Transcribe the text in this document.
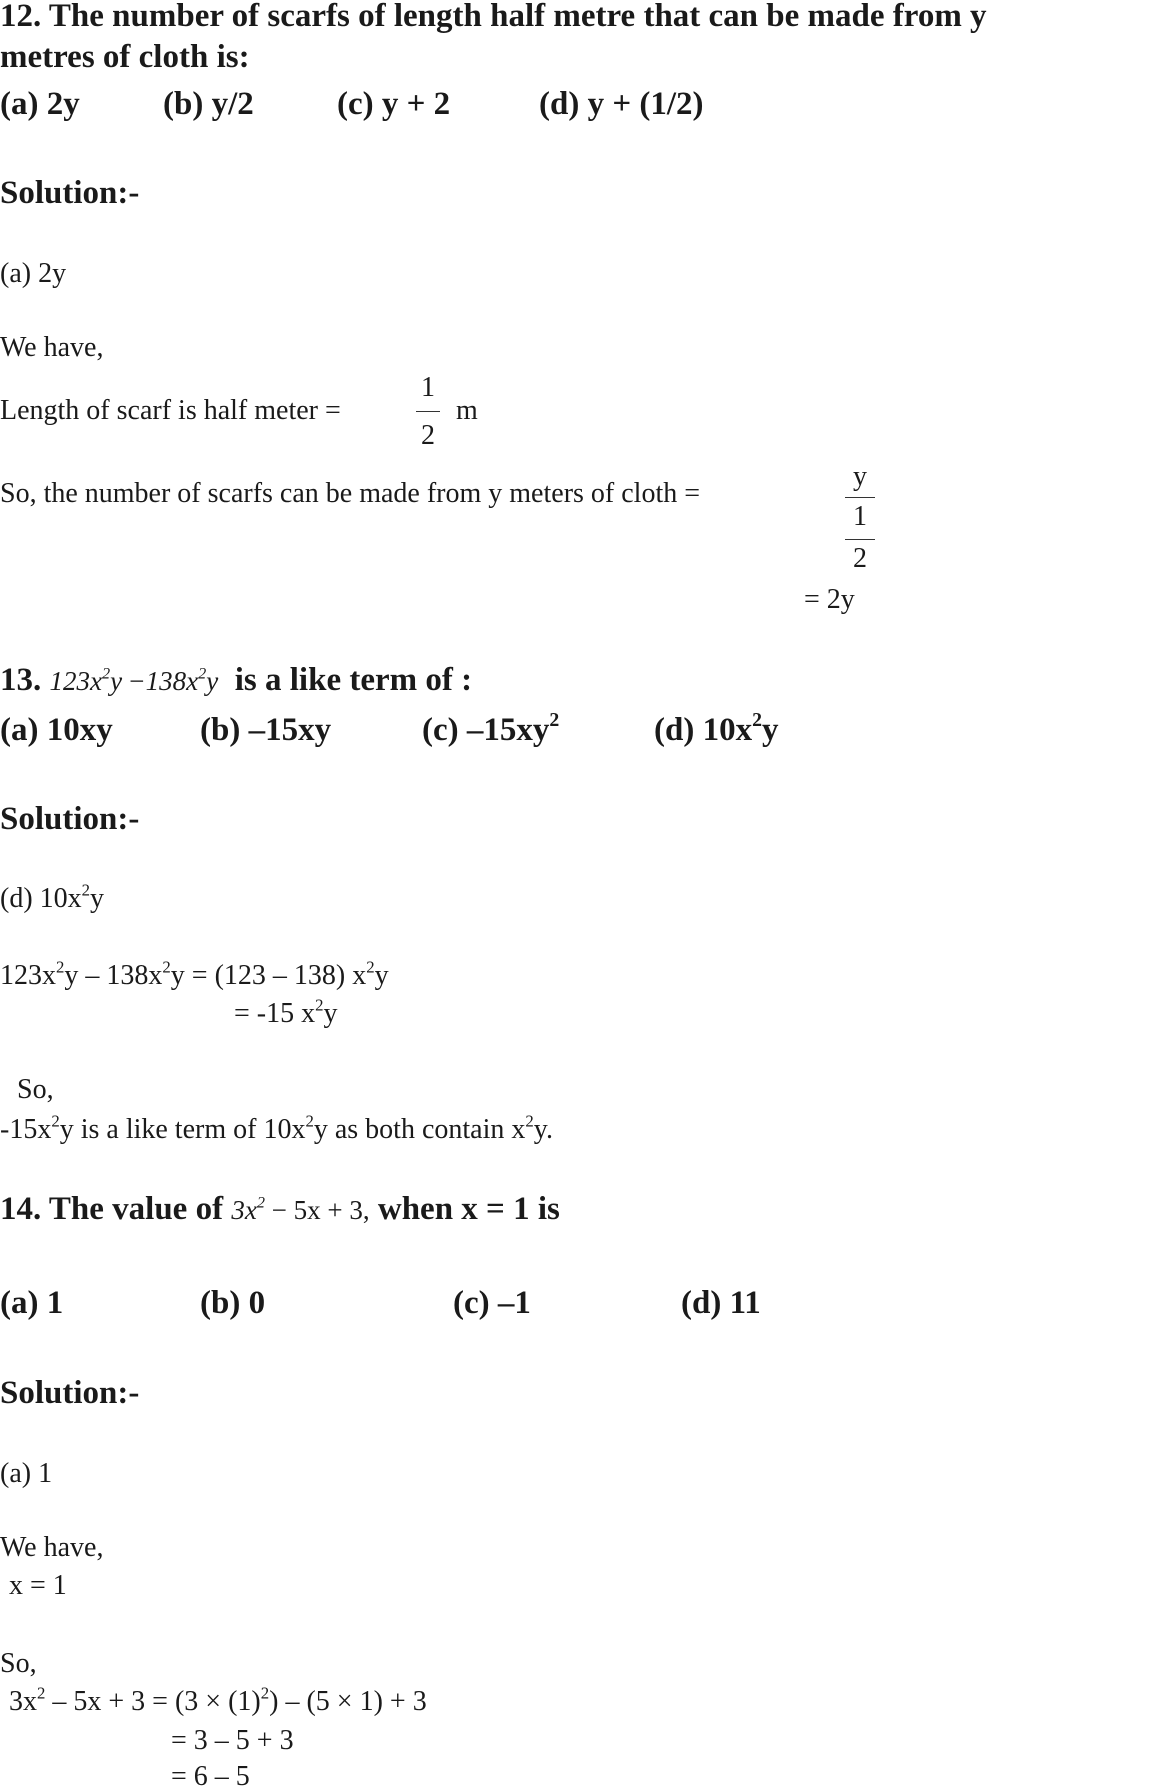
12. The number of scarfs of length half metre that can be made from y
metres of cloth is:
(a) 2y	(b) y/2	(c) y + 2	(d) y + (1/2)
Solution:-
(a) 2y
We have,
Length of scarf is half meter =
1
2
m
So, the number of scarfs can be made from y meters of cloth =
y
1
2
= 2y
13. $123x^2y -138x^2y$ is a like term of :
(a) 10xy	(b) –15xy	(c) $-15xy^2$	(d) $10x^2y$
Solution:-
(d) $10x^2y$
$123x^2y - 138x^2y = (123 - 138)$ $x^2y$
= -15 $x^2y$
So,
$-15x^2y$ is a like term of $10x^2y$ as both contain $x^2y$.
14. The value of $3x^2 - 5x + 3$, when x = 1 is
(a) 1	(b) 0	(c) –1	(d) 11
Solution:-
(a) 1
We have,
x = 1
So,
$3x^2 - 5x + 3 = (3 \times (1)^2) - (5 \times 1) + 3$
= 3 – 5 + 3
= 6 – 5
